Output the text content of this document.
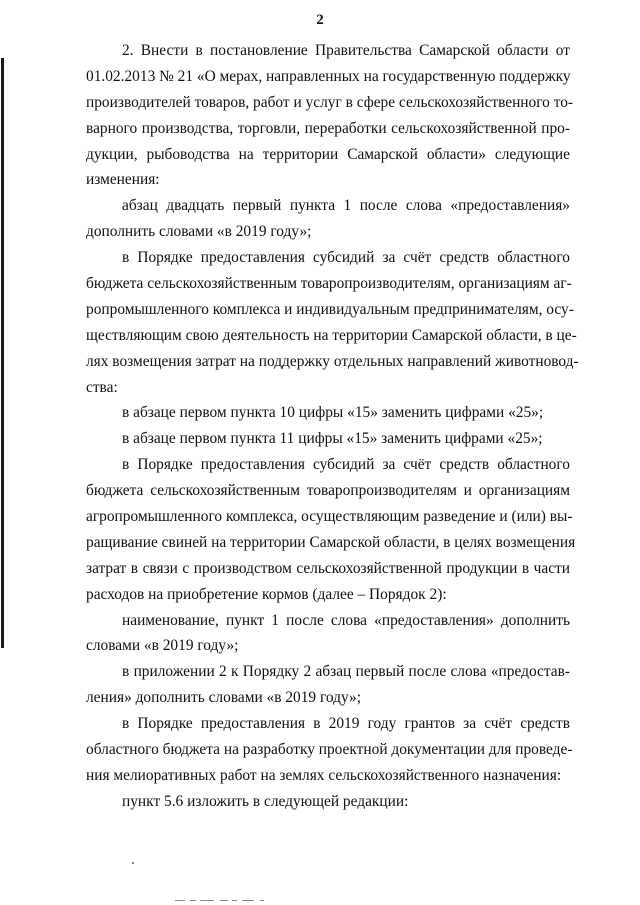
2
2. Внести в постановление Правительства Самарской области от
01.02.2013 № 21 «О мерах, направленных на государственную поддержку
производителей товаров, работ и услуг в сфере сельскохозяйственного то-
варного производства, торговли, переработки сельскохозяйственной про-
дукции, рыбоводства на территории Самарской области» следующие
изменения:
абзац двадцать первый пункта 1 после слова «предоставления»
дополнить словами «в 2019 году»;
в Порядке предоставления субсидий за счёт средств областного
бюджета сельскохозяйственным товаропроизводителям, организациям аг-
ропромышленного комплекса и индивидуальным предпринимателям, осу-
ществляющим свою деятельность на территории Самарской области, в це-
лях возмещения затрат на поддержку отдельных направлений животновод-
ства:
в абзаце первом пункта 10 цифры «15» заменить цифрами «25»;
в абзаце первом пункта 11 цифры «15» заменить цифрами «25»;
в Порядке предоставления субсидий за счёт средств областного
бюджета сельскохозяйственным товаропроизводителям и организациям
агропромышленного комплекса, осуществляющим разведение и (или) вы-
ращивание свиней на территории Самарской области, в целях возмещения
затрат в связи с производством сельскохозяйственной продукции в части
расходов на приобретение кормов (далее – Порядок 2):
наименование, пункт 1 после слова «предоставления» дополнить
словами «в 2019 году»;
в приложении 2 к Порядку 2 абзац первый после слова «предостав-
ления» дополнить словами «в 2019 году»;
в Порядке предоставления в 2019 году грантов за счёт средств
областного бюджета на разработку проектной документации для проведе-
ния мелиоративных работ на землях сельскохозяйственного назначения:
пункт 5.6 изложить в следующей редакции:
